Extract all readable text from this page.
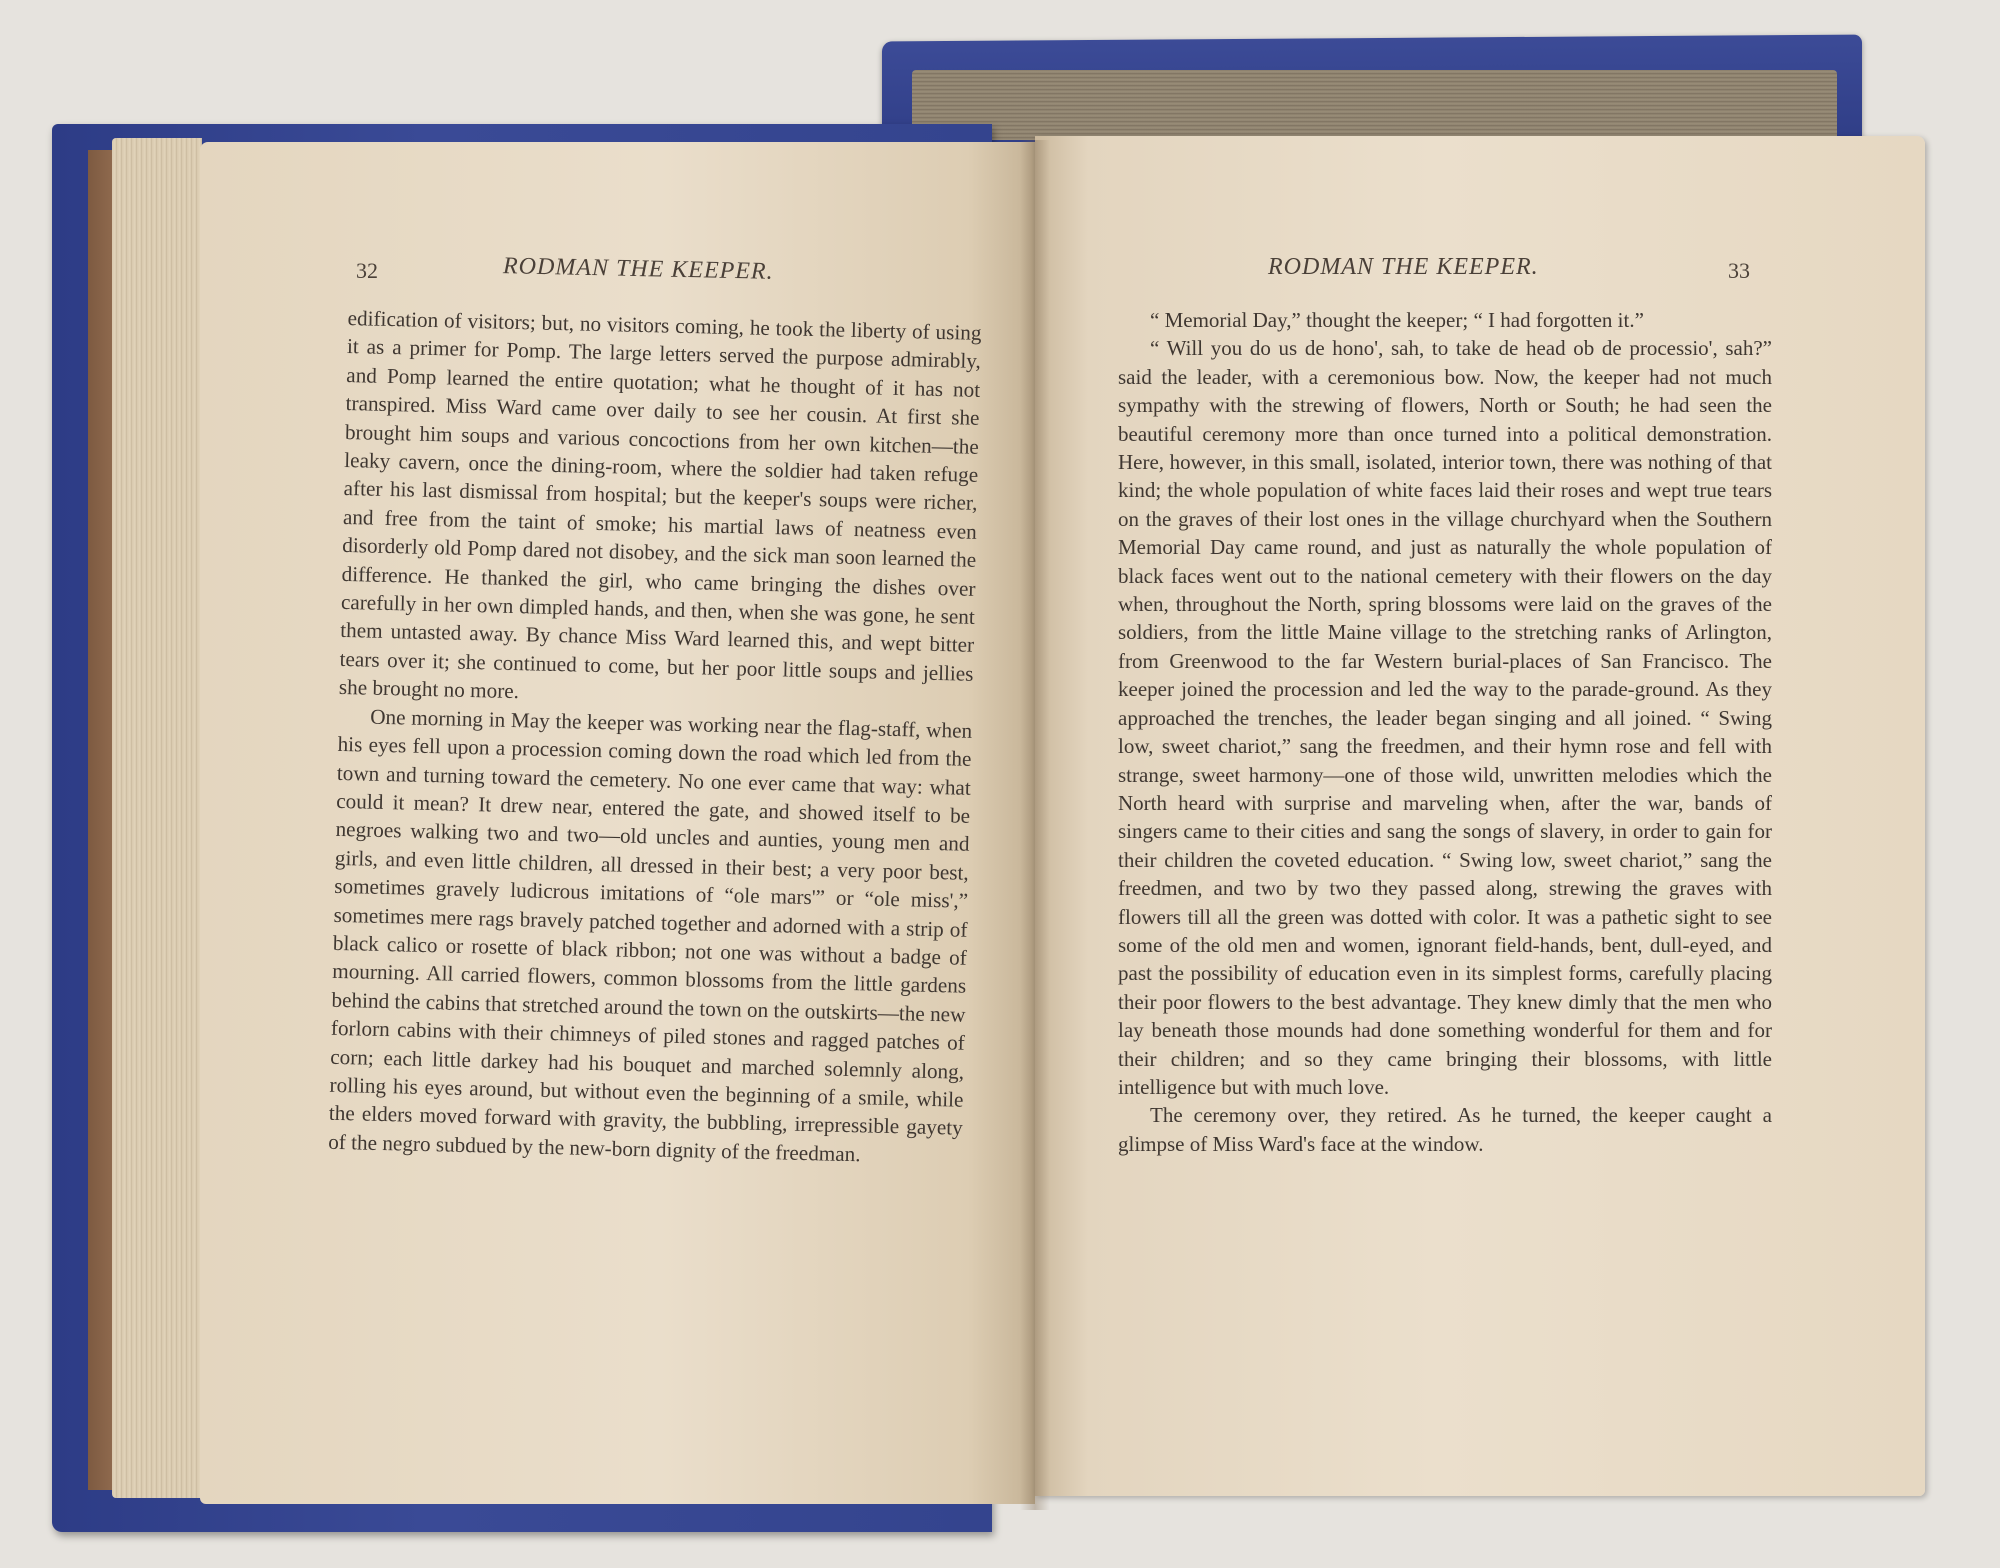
32	RODMAN THE KEEPER.	RODMAN THE KEEPER.	33

edification of visitors; but, no visitors coming, he took the liberty of using it as a primer for Pomp. The large letters served the purpose admirably, and Pomp learned the entire quotation; what he thought of it has not transpired. Miss Ward came over daily to see her cousin. At first she brought him soups and various concoctions from her own kitchen—the leaky cavern, once the dining-room, where the soldier had taken refuge after his last dismissal from hospital; but the keeper's soups were richer, and free from the taint of smoke; his martial laws of neatness even disorderly old Pomp dared not disobey, and the sick man soon learned the difference. He thanked the girl, who came bringing the dishes over carefully in her own dimpled hands, and then, when she was gone, he sent them untasted away. By chance Miss Ward learned this, and wept bitter tears over it; she continued to come, but her poor little soups and jellies she brought no more.

One morning in May the keeper was working near the flag-staff, when his eyes fell upon a procession coming down the road which led from the town and turning toward the cemetery. No one ever came that way: what could it mean? It drew near, entered the gate, and showed itself to be negroes walking two and two—old uncles and aunties, young men and girls, and even little children, all dressed in their best; a very poor best, sometimes gravely ludicrous imitations of “ole mars'” or “ole miss',” sometimes mere rags bravely patched together and adorned with a strip of black calico or rosette of black ribbon; not one was without a badge of mourning. All carried flowers, common blossoms from the little gardens behind the cabins that stretched around the town on the outskirts—the new forlorn cabins with their chimneys of piled stones and ragged patches of corn; each little darkey had his bouquet and marched solemnly along, rolling his eyes around, but without even the beginning of a smile, while the elders moved forward with gravity, the bubbling, irrepressible gayety of the negro subdued by the new-born dignity of the freedman.

“ Memorial Day,” thought the keeper; “ I had forgotten it.”

“ Will you do us de hono', sah, to take de head ob de processio', sah?” said the leader, with a ceremonious bow. Now, the keeper had not much sympathy with the strewing of flowers, North or South; he had seen the beautiful ceremony more than once turned into a political demonstration. Here, however, in this small, isolated, interior town, there was nothing of that kind; the whole population of white faces laid their roses and wept true tears on the graves of their lost ones in the village churchyard when the Southern Memorial Day came round, and just as naturally the whole population of black faces went out to the national cemetery with their flowers on the day when, throughout the North, spring blossoms were laid on the graves of the soldiers, from the little Maine village to the stretching ranks of Arlington, from Greenwood to the far Western burial-places of San Francisco. The keeper joined the procession and led the way to the parade-ground. As they approached the trenches, the leader began singing and all joined. “ Swing low, sweet chariot,” sang the freedmen, and their hymn rose and fell with strange, sweet harmony—one of those wild, unwritten melodies which the North heard with surprise and marveling when, after the war, bands of singers came to their cities and sang the songs of slavery, in order to gain for their children the coveted education. “ Swing low, sweet chariot,” sang the freedmen, and two by two they passed along, strewing the graves with flowers till all the green was dotted with color. It was a pathetic sight to see some of the old men and women, ignorant field-hands, bent, dull-eyed, and past the possibility of education even in its simplest forms, carefully placing their poor flowers to the best advantage. They knew dimly that the men who lay beneath those mounds had done something wonderful for them and for their children; and so they came bringing their blossoms, with little intelligence but with much love.

The ceremony over, they retired. As he turned, the keeper caught a glimpse of Miss Ward's face at the window.
